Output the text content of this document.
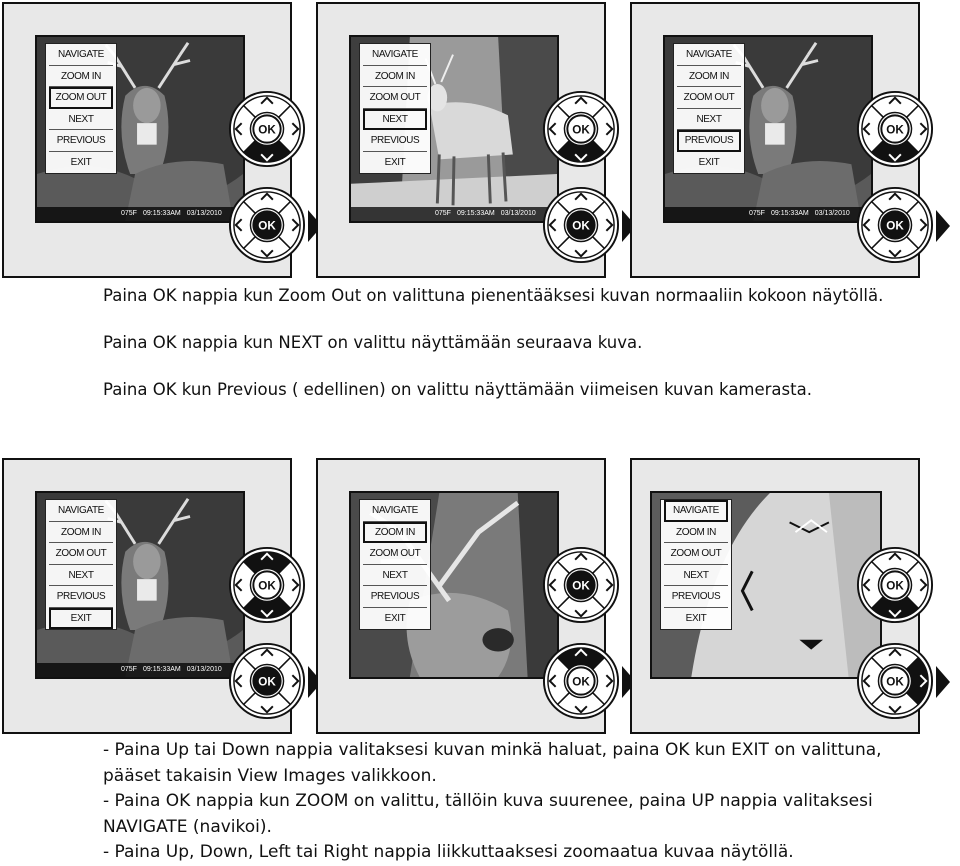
Paina OK nappia kun Zoom Out on valittuna pienentääksesi kuvan normaaliin kokoon näytöllä.

Paina OK nappia kun NEXT on valittu näyttämään seuraava kuva.

Paina OK kun Previous ( edellinen) on valittu näyttämään viimeisen kuvan kamerasta.

- Paina Up tai Down nappia valitaksesi kuvan minkä haluat, paina OK kun EXIT on valittuna, pääset takaisin View Images valikkoon.

- Paina OK nappia kun ZOOM on valittu, tällöin kuva suurenee, paina UP nappia valitaksesi NAVIGATE (navikoi).

- Paina Up, Down, Left tai Right nappia liikkuttaaksesi zoomaatua kuvaa näytöllä.

NAVIGATE
ZOOM IN
ZOOM OUT
NEXT
PREVIOUS
EXIT
075F 09:15:33AM 03/13/2010
OK
OK
NAVIGATE
ZOOM IN
ZOOM OUT
NEXT
PREVIOUS
EXIT
075F 09:15:33AM 03/13/2010
OK
OK
NAVIGATE
ZOOM IN
ZOOM OUT
NEXT
PREVIOUS
EXIT
075F 09:15:33AM 03/13/2010
OK
OK
NAVIGATE
ZOOM IN
ZOOM OUT
NEXT
PREVIOUS
EXIT
075F 09:15:33AM 03/13/2010
OK
OK
NAVIGATE
ZOOM IN
ZOOM OUT
NEXT
PREVIOUS
EXIT
OK
OK
NAVIGATE
ZOOM IN
ZOOM OUT
NEXT
PREVIOUS
EXIT
OK
OK
